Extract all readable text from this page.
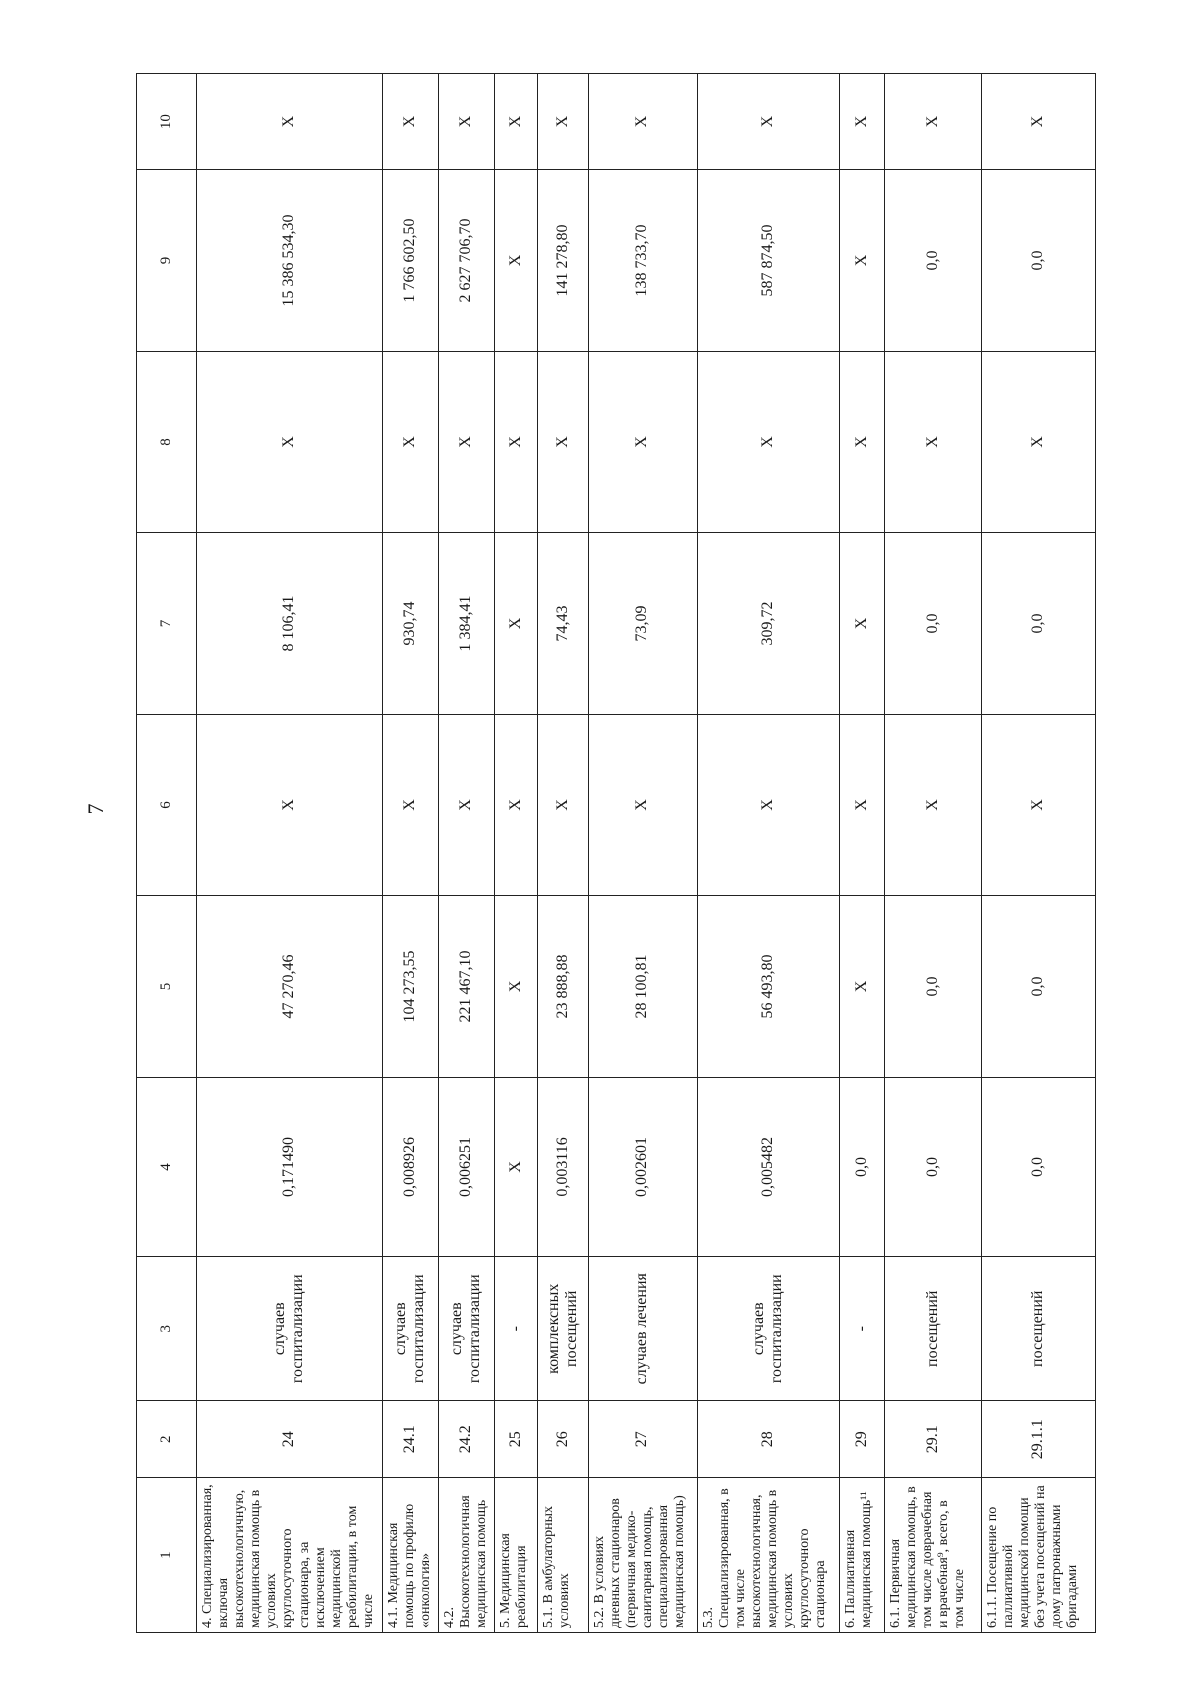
7
1	2	3	4	5	6	7	8	9	10
4. Специализированная, включая высокотехнологичную, медицинская помощь в условиях круглосуточного стационара, за исключением медицинской реабилитации, в том числе	24	случаев госпитализации	0,171490	47 270,46	X	8 106,41	X	15 386 534,30	X
4.1. Медицинская помощь по профилю «онкология»	24.1	случаев госпитализации	0,008926	104 273,55	X	930,74	X	1 766 602,50	X
4.2. Высокотехнологичная медицинская помощь	24.2	случаев госпитализации	0,006251	221 467,10	X	1 384,41	X	2 627 706,70	X
5. Медицинская реабилитация	25	-	X	X	X	X	X	X	X
5.1. В амбулаторных условиях	26	комплексных посещений	0,003116	23 888,88	X	74,43	X	141 278,80	X
5.2. В условиях дневных стационаров (первичная медико-санитарная помощь, специализированная медицинская помощь)	27	случаев лечения	0,002601	28 100,81	X	73,09	X	138 733,70	X
5.3. Специализированная, в том числе высокотехнологичная, медицинская помощь в условиях круглосуточного стационара	28	случаев госпитализации	0,005482	56 493,80	X	309,72	X	587 874,50	X
6. Паллиативная медицинская помощь¹¹	29	-	0,0	X	X	X	X	X	X
6.1. Первичная медицинская помощь, в том числе доврачебная и врачебная⁹, всего, в том числе	29.1	посещений	0,0	0,0	X	0,0	X	0,0	X
6.1.1. Посещение по паллиативной медицинской помощи без учета посещений на дому патронажными бригадами	29.1.1	посещений	0,0	0,0	X	0,0	X	0,0	X
